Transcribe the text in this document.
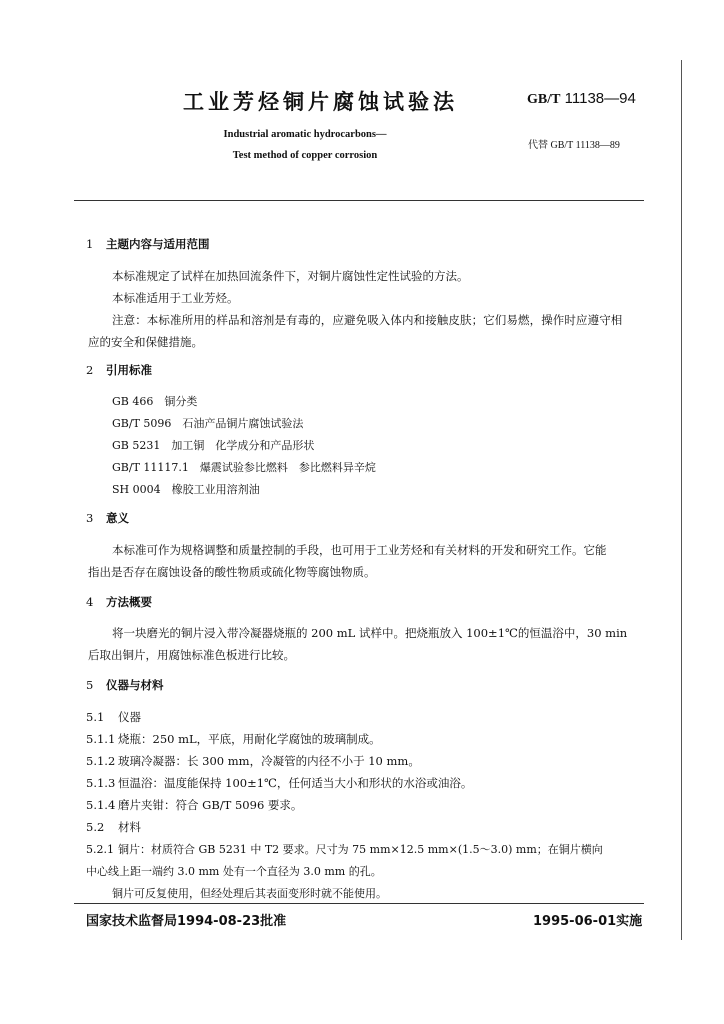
工业芳烃铜片腐蚀试验法	GB/T 11138—94
Industrial aromatic hydrocarbons—
Test method of copper corrosion
代替 GB/T 11138—89
1 主题内容与适用范围
本标准规定了试样在加热回流条件下，对铜片腐蚀性定性试验的方法。
本标准适用于工业芳烃。
注意：本标准所用的样品和溶剂是有毒的，应避免吸入体内和接触皮肤；它们易燃，操作时应遵守相
应的安全和保健措施。
2 引用标准
GB 466　 铜分类
GB/T 5096　 石油产品铜片腐蚀试验法
GB 5231　 加工铜　化学成分和产品形状
GB/T 11117.1　 爆震试验参比燃料　参比燃料异辛烷
SH 0004　 橡胶工业用溶剂油
3 意义
本标准可作为规格调整和质量控制的手段，也可用于工业芳烃和有关材料的开发和研究工作。它能
指出是否存在腐蚀设备的酸性物质或硫化物等腐蚀物质。
4 方法概要
将一块磨光的铜片浸入带冷凝器烧瓶的 200 mL 试样中。把烧瓶放入 100±1℃的恒温浴中，30 min
后取出铜片，用腐蚀标准色板进行比较。
5 仪器与材料
5.1 仪器
5.1.1 烧瓶：250 mL，平底，用耐化学腐蚀的玻璃制成。
5.1.2 玻璃冷凝器：长 300 mm，冷凝管的内径不小于 10 mm。
5.1.3 恒温浴：温度能保持 100±1℃，任何适当大小和形状的水浴或油浴。
5.1.4 磨片夹钳：符合 GB/T 5096 要求。
5.2 材料
5.2.1 铜片：材质符合 GB 5231 中 T2 要求。尺寸为 75 mm×12.5 mm×(1.5～3.0) mm；在铜片横向
中心线上距一端约 3.0 mm 处有一个直径为 3.0 mm 的孔。
铜片可反复使用，但经处理后其表面变形时就不能使用。
国家技术监督局1994-08-23批准	1995-06-01实施
